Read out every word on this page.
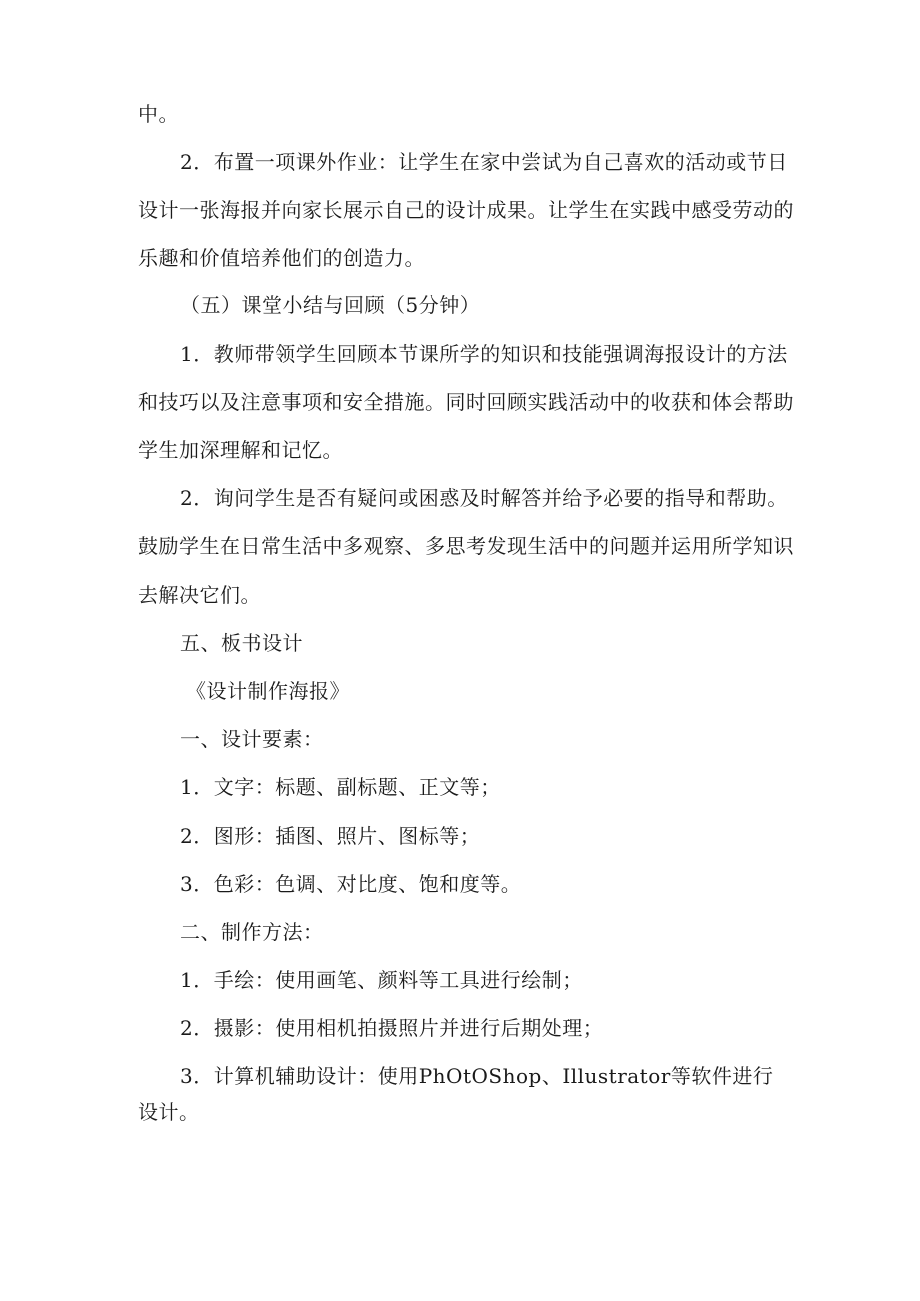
中。
2．布置一项课外作业：让学生在家中尝试为自己喜欢的活动或节日
设计一张海报并向家长展示自己的设计成果。让学生在实践中感受劳动的
乐趣和价值培养他们的创造力。
（五）课堂小结与回顾（5分钟）
1．教师带领学生回顾本节课所学的知识和技能强调海报设计的方法
和技巧以及注意事项和安全措施。同时回顾实践活动中的收获和体会帮助
学生加深理解和记忆。
2．询问学生是否有疑问或困惑及时解答并给予必要的指导和帮助。
鼓励学生在日常生活中多观察、多思考发现生活中的问题并运用所学知识
去解决它们。
五、板书设计
《设计制作海报》
一、设计要素：
1．文字：标题、副标题、正文等；
2．图形：插图、照片、图标等；
3．色彩：色调、对比度、饱和度等。
二、制作方法：
1．手绘：使用画笔、颜料等工具进行绘制；
2．摄影：使用相机拍摄照片并进行后期处理；
3．计算机辅助设计：使用PhOtOShop、Illustrator等软件进行
设计。
